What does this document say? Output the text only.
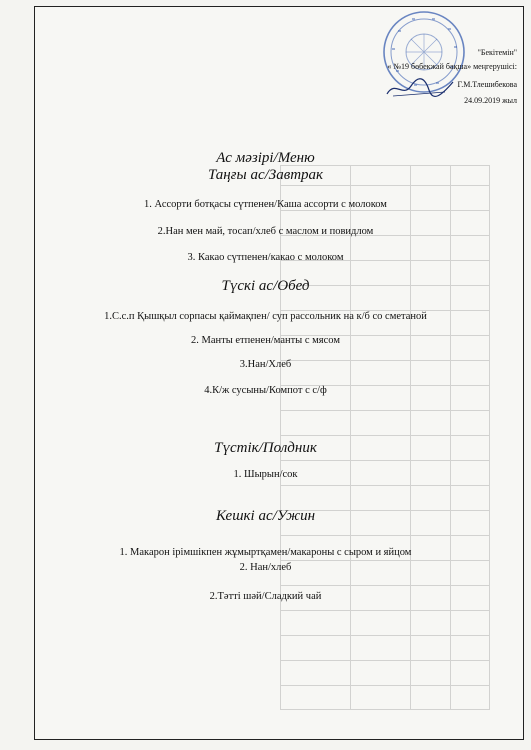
"Бекітемін"
« №19 бөбекжай бақша» меңгерушісі:
Г.М.Тлешибекова
24.09.2019 жыл
Ас мәзірі/Меню
Таңғы ас/Завтрак
1. Ассорти ботқасы сүтпенен/Каша ассорти с молоком
2.Нан мен май, тосап/хлеб с маслом и повидлом
3. Какао сүтпенен/какао с молоком
Түскі ас/Обед
1.С.с.п Қышқыл сорпасы қаймақпен/ суп рассольник на к/б со сметаной
2. Манты етпенен/манты с мясом
3.Нан/Хлеб
4.К/ж сусыны/Компот с с/ф
Түстік/Полдник
1. Шырын/сок
Кешкі ас/Ужин
1. Макарон ірімшікпен жұмыртқамен/макароны с сыром и яйцом
2. Нан/хлеб
2.Тәтті шәй/Сладкий чай
